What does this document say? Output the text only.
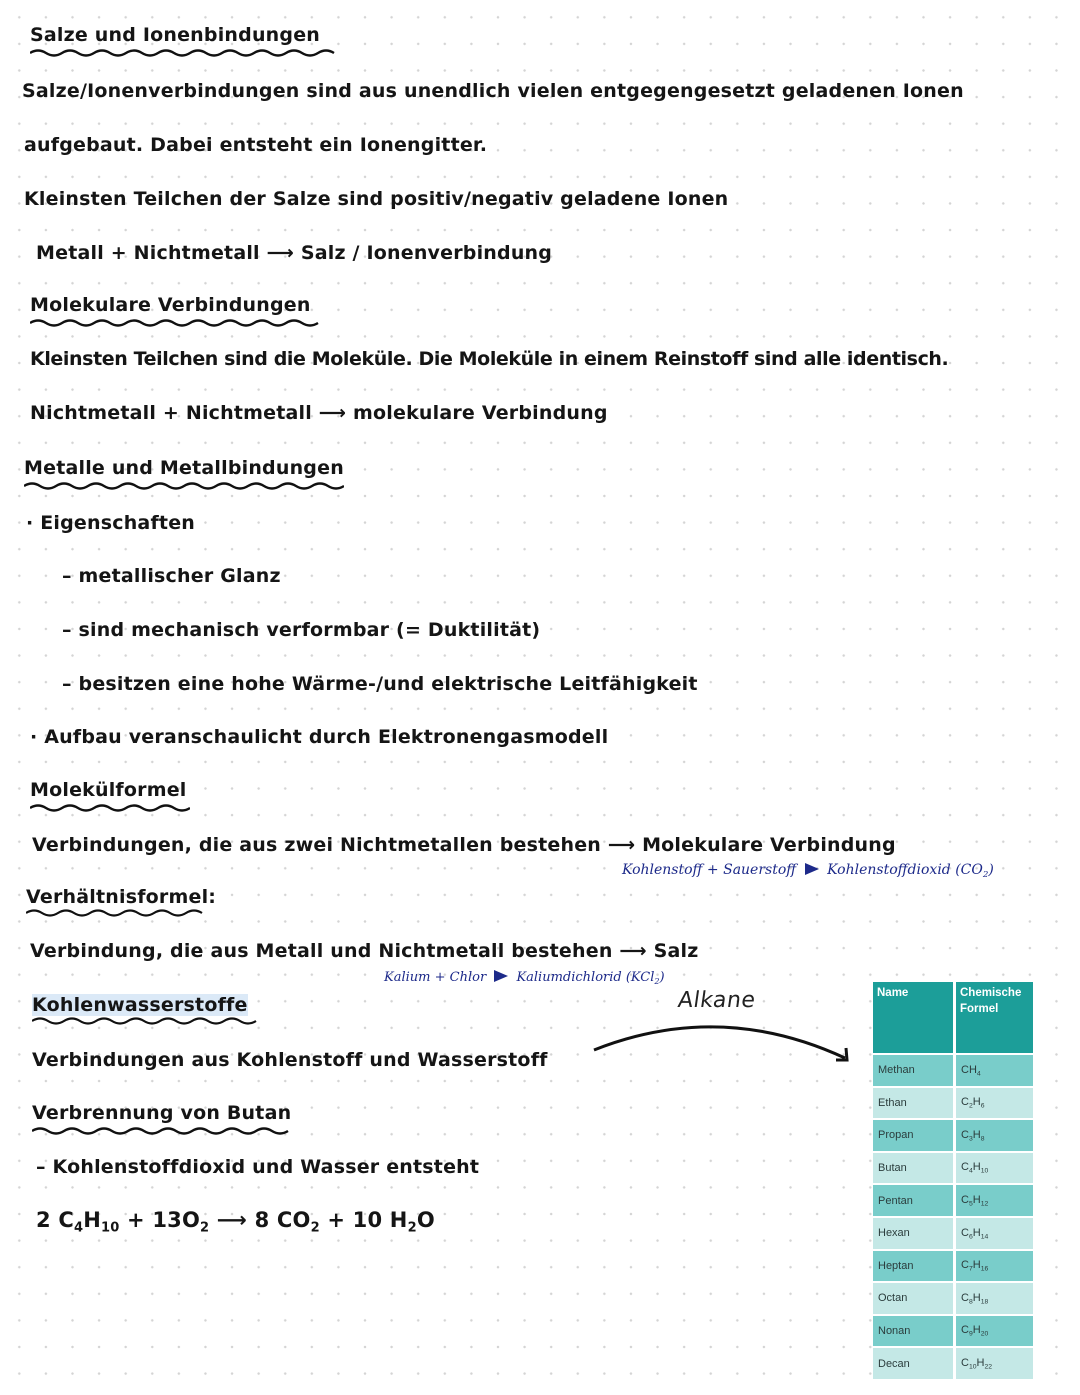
Salze und Ionenbindungen
Salze/Ionenverbindungen sind aus unendlich vielen entgegengesetzt geladenen Ionen
aufgebaut. Dabei entsteht ein Ionengitter.
Kleinsten Teilchen der Salze sind positiv/negativ geladene Ionen
Metall + Nichtmetall ⟶ Salz / Ionenverbindung
Molekulare Verbindungen
Kleinsten Teilchen sind die Moleküle. Die Moleküle in einem Reinstoff sind alle identisch.
Nichtmetall + Nichtmetall ⟶ molekulare Verbindung
Metalle und Metallbindungen
· Eigenschaften
– metallischer Glanz
– sind mechanisch verformbar (= Duktilität)
– besitzen eine hohe Wärme-/und elektrische Leitfähigkeit
· Aufbau veranschaulicht durch Elektronengasmodell
Molekülformel
Verbindungen, die aus zwei Nichtmetallen bestehen ⟶ Molekulare Verbindung
Kohlenstoff + Sauerstoff Kohlenstoffdioxid $(CO_2)$
Verhältnisformel:
Verbindung, die aus Metall und Nichtmetall bestehen ⟶ Salz
Kalium + Chlor Kaliumdichlorid (KCl$_2$)
Kohlenwasserstoffe
Verbindungen aus Kohlenstoff und Wasserstoff
Alkane
Verbrennung von Butan
– Kohlenstoffdioxid und Wasser entsteht
2 $C_4H_{10} + 13O_2$ ⟶ 8 $CO_2 + 10$ $H_2O$
Name	Chemische
Formel
Methan	$CH_4$
Ethan	$C_2H_6$
Propan	$C_3H_8$
Butan	$C_4H_{10}$
Pentan	$C_5H_{12}$
Hexan	$C_6H_{14}$
Heptan	$C_7H_{16}$
Octan	$C_8H_{18}$
Nonan	$C_9H_{20}$
Decan	$C_{10}H_{22}$
